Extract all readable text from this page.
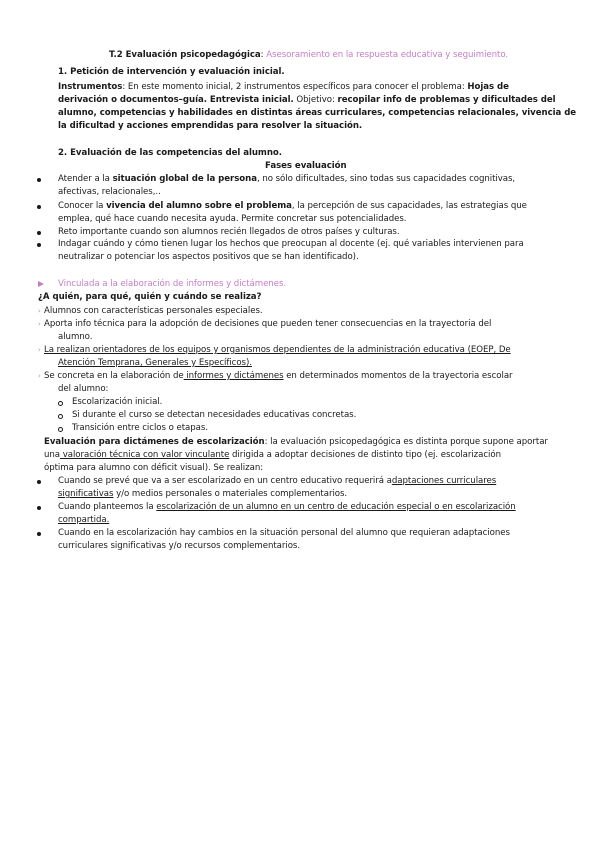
T.2 Evaluación psicopedagógica: Asesoramiento en la respuesta educativa y seguimiento.
1. Petición de intervención y evaluación inicial.
Instrumentos: En este momento inicial, 2 instrumentos específicos para conocer el problema: Hojas de
derivación o documentos–guía. Entrevista inicial. Objetivo: recopilar info de problemas y dificultades del
alumno, competencias y habilidades en distintas áreas curriculares, competencias relacionales, vivencia de
la dificultad y acciones emprendidas para resolver la situación.
2. Evaluación de las competencias del alumno.
Fases evaluación
Atender a la situación global de la persona, no sólo dificultades, sino todas sus capacidades cognitivas,
afectivas, relacionales,..
Conocer la vivencia del alumno sobre el problema, la percepción de sus capacidades, las estrategias que
emplea, qué hace cuando necesita ayuda. Permite concretar sus potencialidades.
Reto importante cuando son alumnos recién llegados de otros países y culturas.
Indagar cuándo y cómo tienen lugar los hechos que preocupan al docente (ej. qué variables intervienen para
neutralizar o potenciar los aspectos positivos que se han identificado).
Vinculada a la elaboración de informes y dictámenes.
¿A quién, para qué, quién y cuándo se realiza?
› Alumnos con características personales especiales.
› Aporta info técnica para la adopción de decisiones que pueden tener consecuencias en la trayectoria del
alumno.
› La realizan orientadores de los equipos y organismos dependientes de la administración educativa (EOEP, De
Atención Temprana, Generales y Específicos).
› Se concreta en la elaboración de informes y dictámenes en determinados momentos de la trayectoria escolar
del alumno:
Escolarización inicial.
Si durante el curso se detectan necesidades educativas concretas.
Transición entre ciclos o etapas.
Evaluación para dictámenes de escolarización: la evaluación psicopedagógica es distinta porque supone aportar
una valoración técnica con valor vinculante dirigida a adoptar decisiones de distinto tipo (ej. escolarización
óptima para alumno con déficit visual). Se realizan:
Cuando se prevé que va a ser escolarizado en un centro educativo requerirá adaptaciones curriculares
significativas y/o medios personales o materiales complementarios.
Cuando planteemos la escolarización de un alumno en un centro de educación especial o en escolarización
compartida.
Cuando en la escolarización hay cambios en la situación personal del alumno que requieran adaptaciones
curriculares significativas y/o recursos complementarios.
